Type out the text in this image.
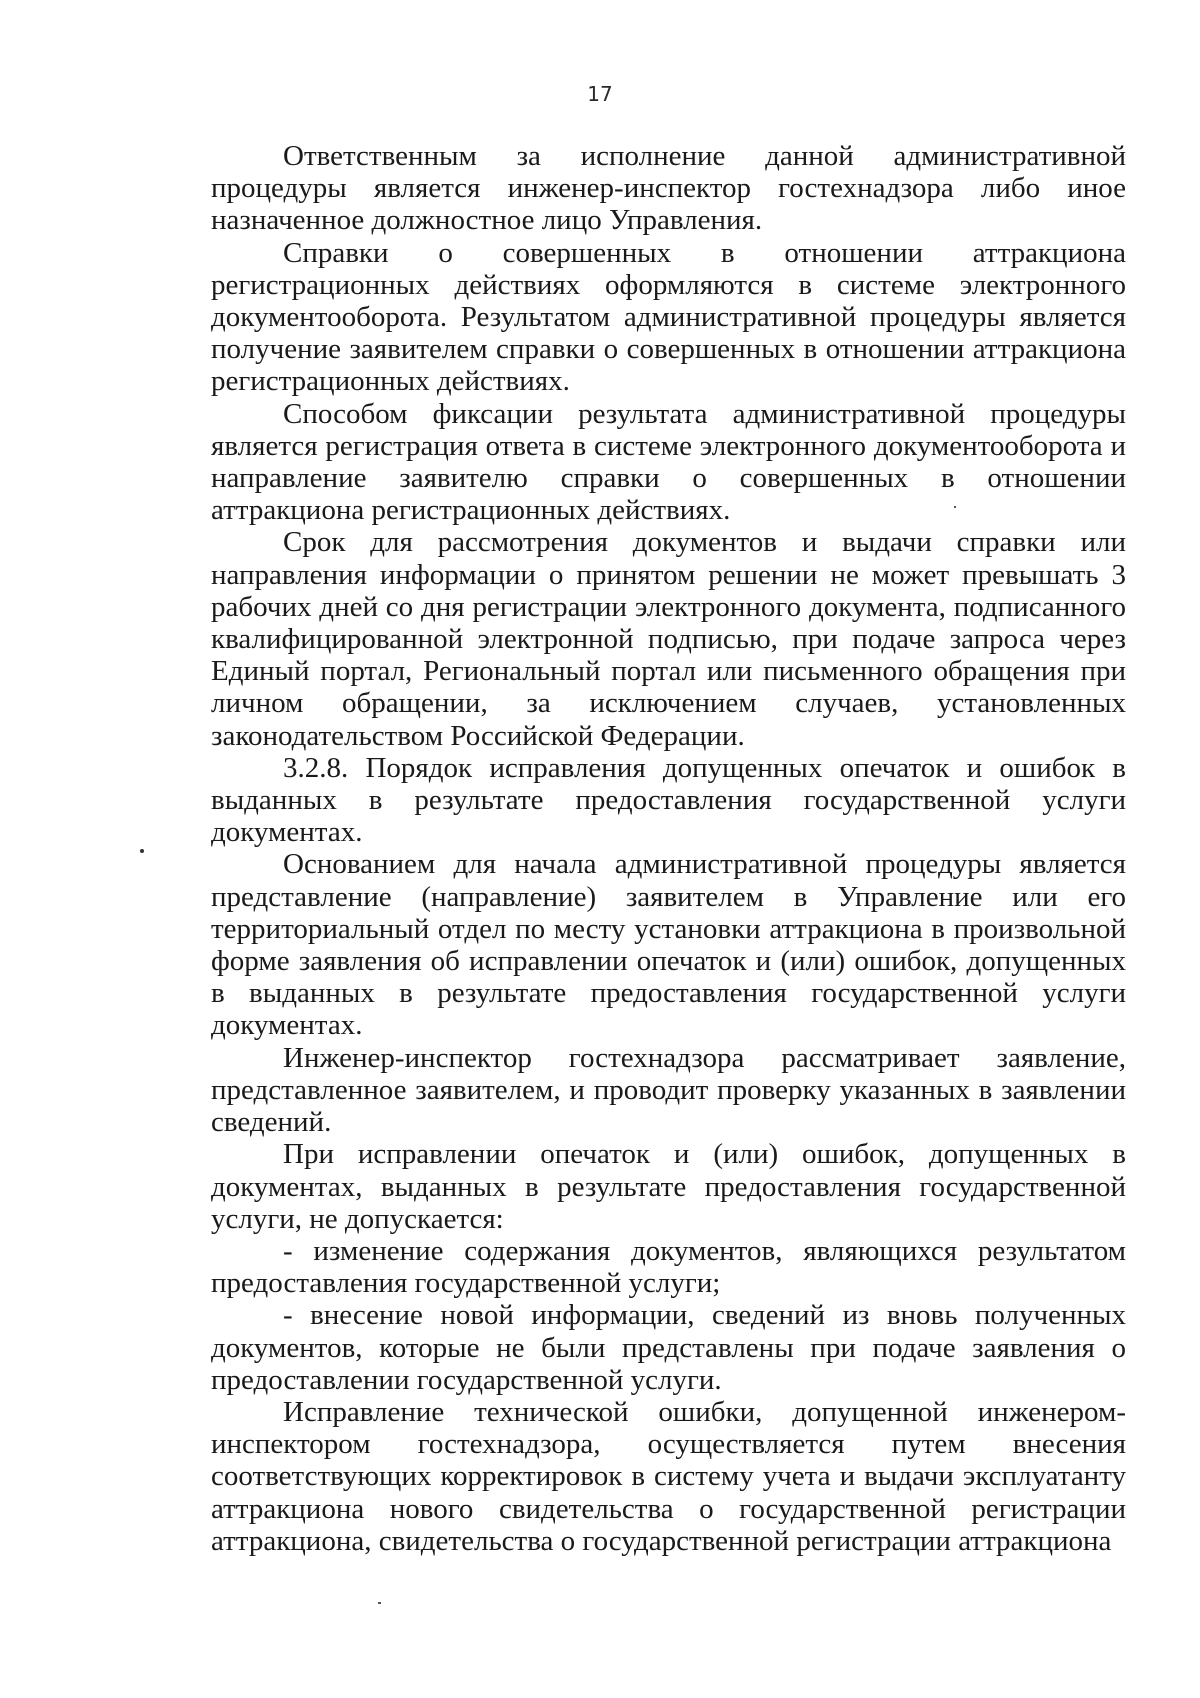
17

Ответственным за исполнение данной административной процедуры является инженер-инспектор гостехнадзора либо иное назначенное должностное лицо Управления.

Справки о совершенных в отношении аттракциона регистрационных действиях оформляются в системе электронного документооборота. Результатом административной процедуры является получение заявителем справки о совершенных в отношении аттракциона регистрационных действиях.

Способом фиксации результата административной процедуры является регистрация ответа в системе электронного документооборота и направление заявителю справки о совершенных в отношении аттракциона регистрационных действиях.

Срок для рассмотрения документов и выдачи справки или направления информации о принятом решении не может превышать 3 рабочих дней со дня регистрации электронного документа, подписанного квалифицированной электронной подписью, при подаче запроса через Единый портал, Региональный портал или письменного обращения при личном обращении, за исключением случаев, установленных законодательством Российской Федерации.

3.2.8. Порядок исправления допущенных опечаток и ошибок в выданных в результате предоставления государственной услуги документах.

Основанием для начала административной процедуры является представление (направление) заявителем в Управление или его территориальный отдел по месту установки аттракциона в произвольной форме заявления об исправлении опечаток и (или) ошибок, допущенных в выданных в результате предоставления государственной услуги документах.

Инженер-инспектор гостехнадзора рассматривает заявление, представленное заявителем, и проводит проверку указанных в заявлении сведений.

При исправлении опечаток и (или) ошибок, допущенных в документах, выданных в результате предоставления государственной услуги, не допускается:

- изменение содержания документов, являющихся результатом предоставления государственной услуги;

- внесение новой информации, сведений из вновь полученных документов, которые не были представлены при подаче заявления о предоставлении государственной услуги.

Исправление технической ошибки, допущенной инженером-инспектором гостехнадзора, осуществляется путем внесения соответствующих корректировок в систему учета и выдачи эксплуатанту аттракциона нового свидетельства о государственной регистрации аттракциона, свидетельства о государственной регистрации аттракциона
